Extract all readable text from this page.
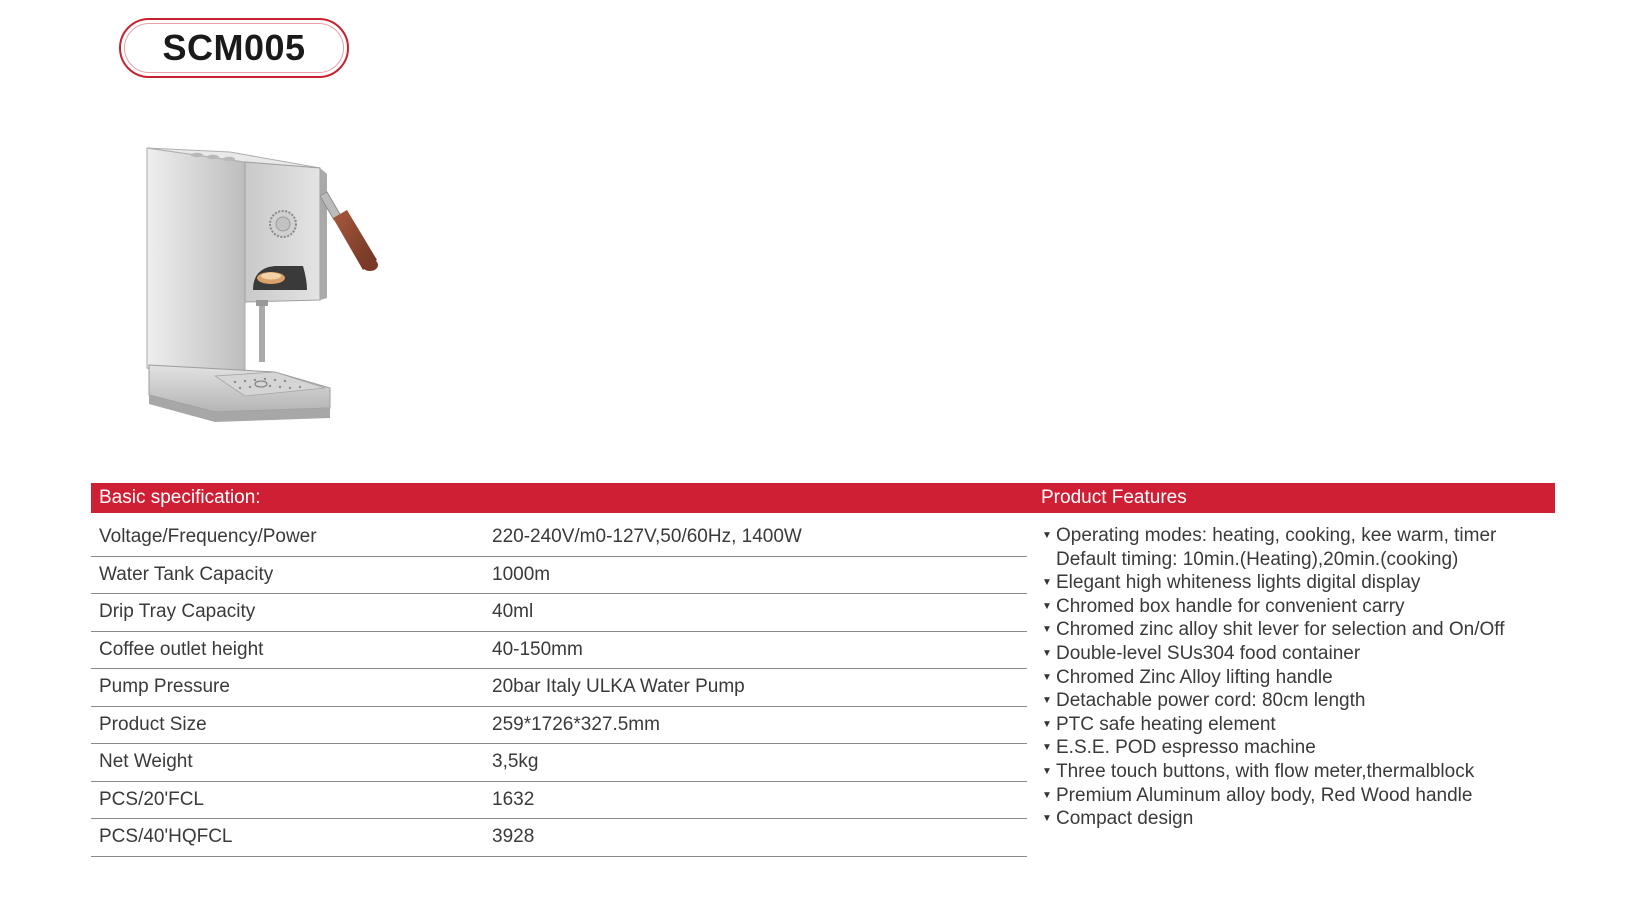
SCM005
Basic specification:	Product Features
Voltage/Frequency/Power	220-240V/m0-127V,50/60Hz, 1400W
Water Tank Capacity	1000m
Drip Tray Capacity	40ml
Coffee outlet height	40-150mm
Pump Pressure	20bar Italy ULKA Water Pump
Product Size	259*1726*327.5mm
Net Weight	3,5kg
PCS/20'FCL	1632
PCS/40'HQFCL	3928
▼ Operating modes: heating, cooking, kee warm, timer
Default timing: 10min.(Heating),20min.(cooking)
▼ Elegant high whiteness lights digital display
▼ Chromed box handle for convenient carry
▼ Chromed zinc alloy shit lever for selection and On/Off
▼ Double-level SUs304 food container
▼ Chromed Zinc Alloy lifting handle
▼ Detachable power cord: 80cm length
▼ PTC safe heating element
▼ E.S.E. POD espresso machine
▼ Three touch buttons, with flow meter,thermalblock
▼ Premium Aluminum alloy body, Red Wood handle
▼ Compact design
